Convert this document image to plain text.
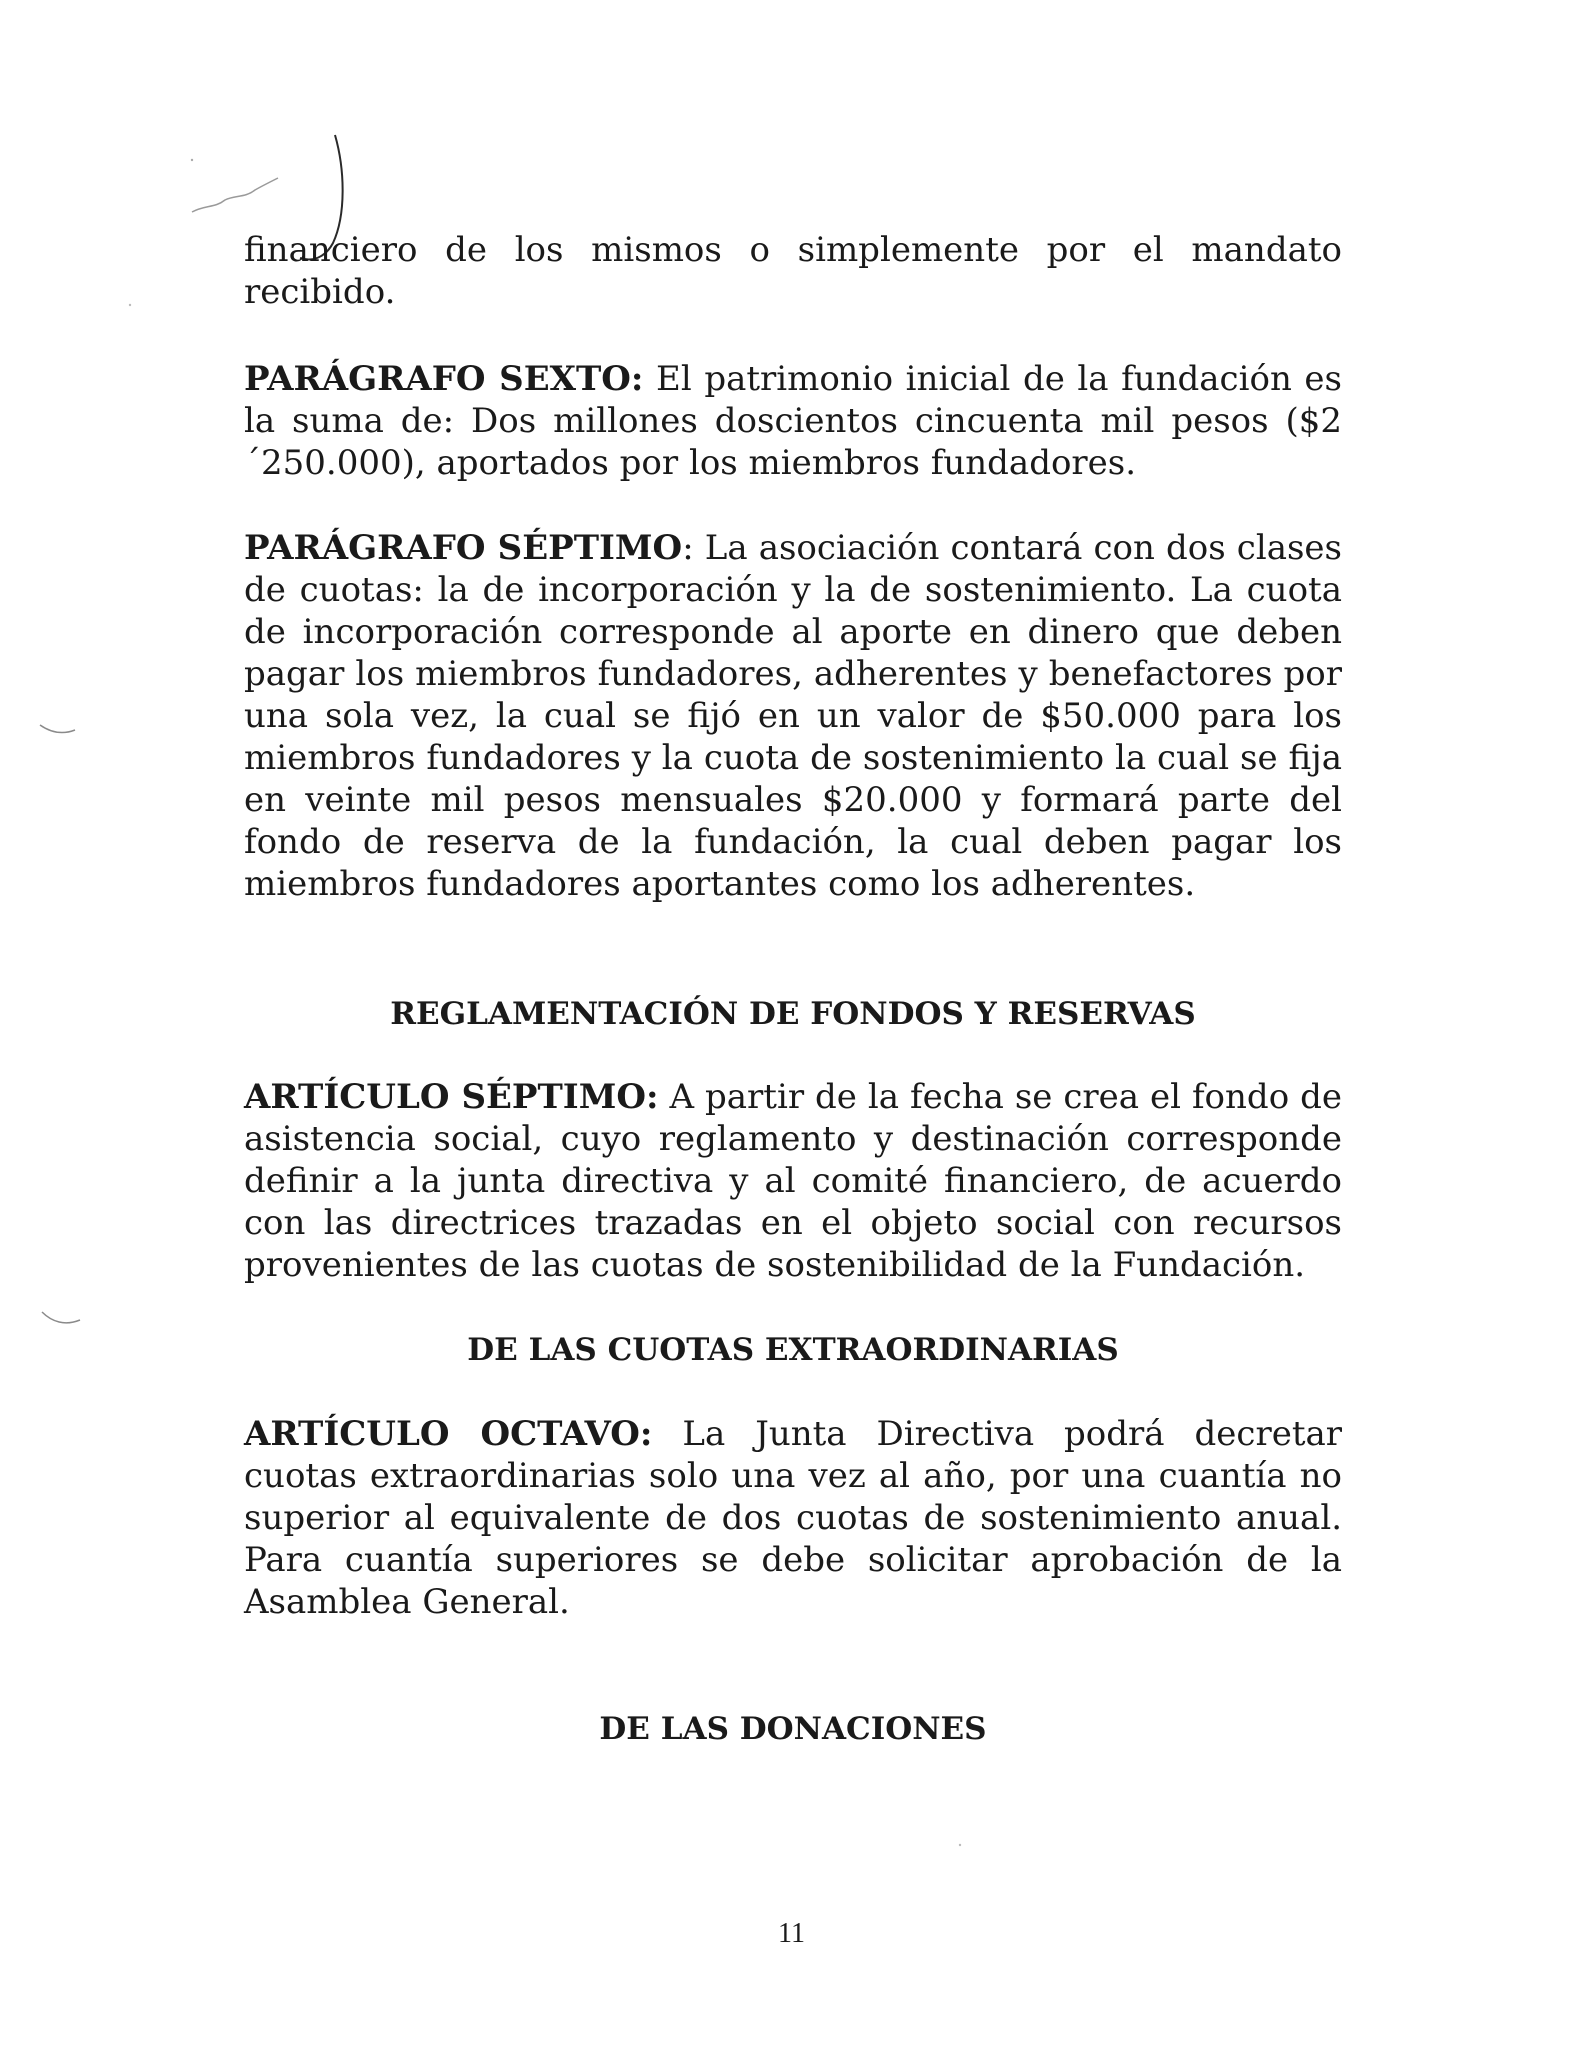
financiero de los mismos o simplemente por el mandato recibido.

PARÁGRAFO SEXTO: El patrimonio inicial de la fundación es la suma de: Dos millones doscientos cincuenta mil pesos ($2´250.000), aportados por los miembros fundadores.

PARÁGRAFO SÉPTIMO: La asociación contará con dos clases de cuotas: la de incorporación y la de sostenimiento. La cuota de incorporación corresponde al aporte en dinero que deben pagar los miembros fundadores, adherentes y benefactores por una sola vez, la cual se fijó en un valor de $50.000 para los miembros fundadores y la cuota de sostenimiento la cual se fija en veinte mil pesos mensuales $20.000 y formará parte del fondo de reserva de la fundación, la cual deben pagar los miembros fundadores aportantes como los adherentes.

REGLAMENTACIÓN DE FONDOS Y RESERVAS

ARTÍCULO SÉPTIMO: A partir de la fecha se crea el fondo de asistencia social, cuyo reglamento y destinación corresponde definir a la junta directiva y al comité financiero, de acuerdo con las directrices trazadas en el objeto social con recursos provenientes de las cuotas de sostenibilidad de la Fundación.

DE LAS CUOTAS EXTRAORDINARIAS

ARTÍCULO OCTAVO: La Junta Directiva podrá decretar cuotas extraordinarias solo una vez al año, por una cuantía no superior al equivalente de dos cuotas de sostenimiento anual. Para cuantía superiores se debe solicitar aprobación de la Asamblea General.

DE LAS DONACIONES
11
